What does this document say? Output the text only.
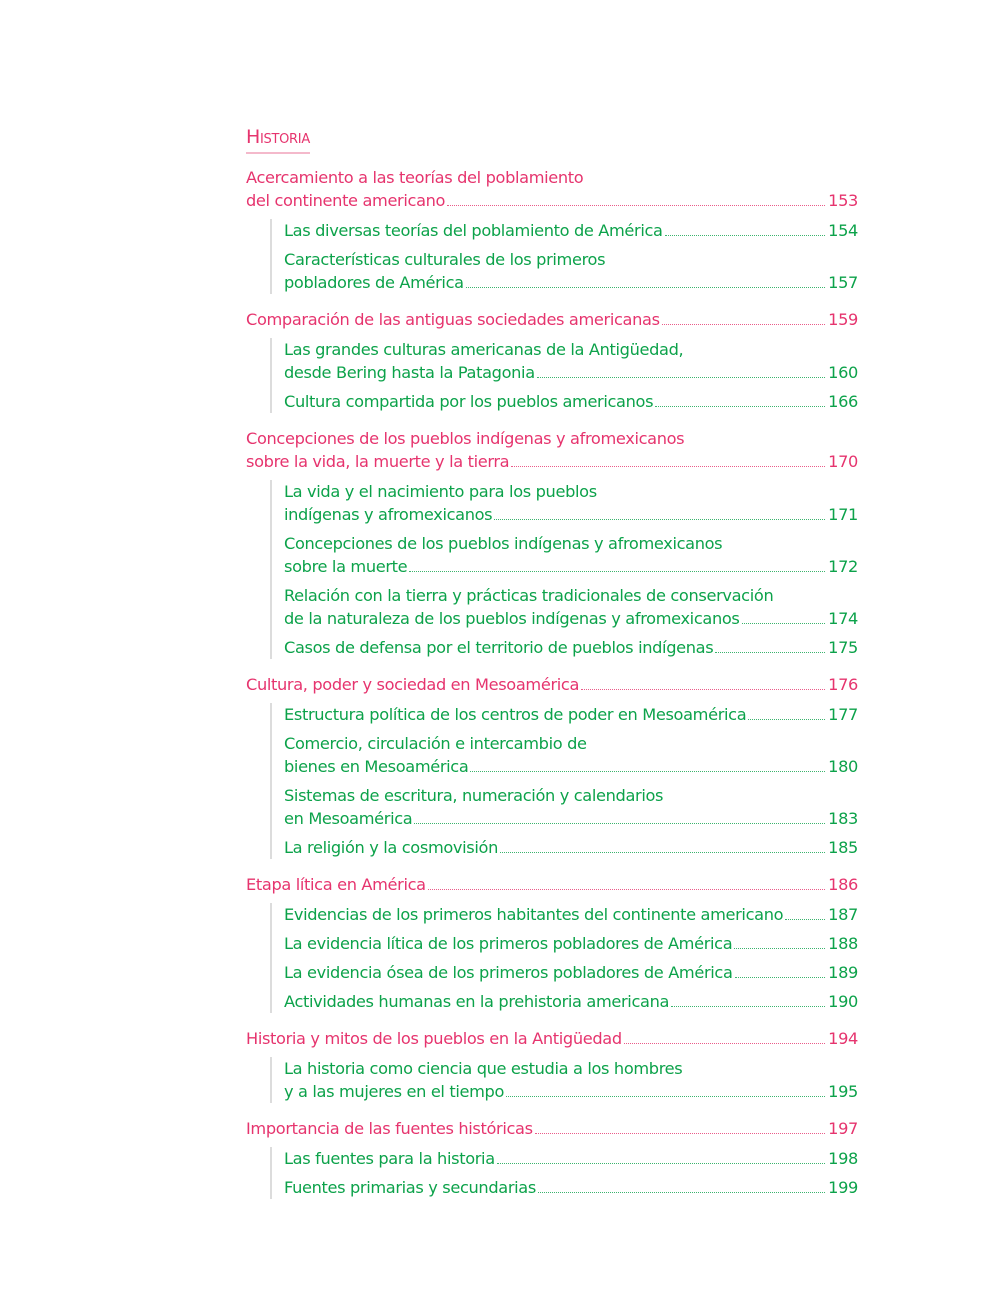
Historia
Acercamiento a las teorías del poblamiento
del continente americano	153
Las diversas teorías del poblamiento de América	154
Características culturales de los primeros
pobladores de América	157
Comparación de las antiguas sociedades americanas	159
Las grandes culturas americanas de la Antigüedad,
desde Bering hasta la Patagonia	160
Cultura compartida por los pueblos americanos	166
Concepciones de los pueblos indígenas y afromexicanos
sobre la vida, la muerte y la tierra	170
La vida y el nacimiento para los pueblos
indígenas y afromexicanos	171
Concepciones de los pueblos indígenas y afromexicanos
sobre la muerte	172
Relación con la tierra y prácticas tradicionales de conservación
de la naturaleza de los pueblos indígenas y afromexicanos	174
Casos de defensa por el territorio de pueblos indígenas	175
Cultura, poder y sociedad en Mesoamérica	176
Estructura política de los centros de poder en Mesoamérica	177
Comercio, circulación e intercambio de
bienes en Mesoamérica	180
Sistemas de escritura, numeración y calendarios
en Mesoamérica	183
La religión y la cosmovisión	185
Etapa lítica en América	186
Evidencias de los primeros habitantes del continente americano	187
La evidencia lítica de los primeros pobladores de América	188
La evidencia ósea de los primeros pobladores de América	189
Actividades humanas en la prehistoria americana	190
Historia y mitos de los pueblos en la Antigüedad	194
La historia como ciencia que estudia a los hombres
y a las mujeres en el tiempo	195
Importancia de las fuentes históricas	197
Las fuentes para la historia	198
Fuentes primarias y secundarias	199
